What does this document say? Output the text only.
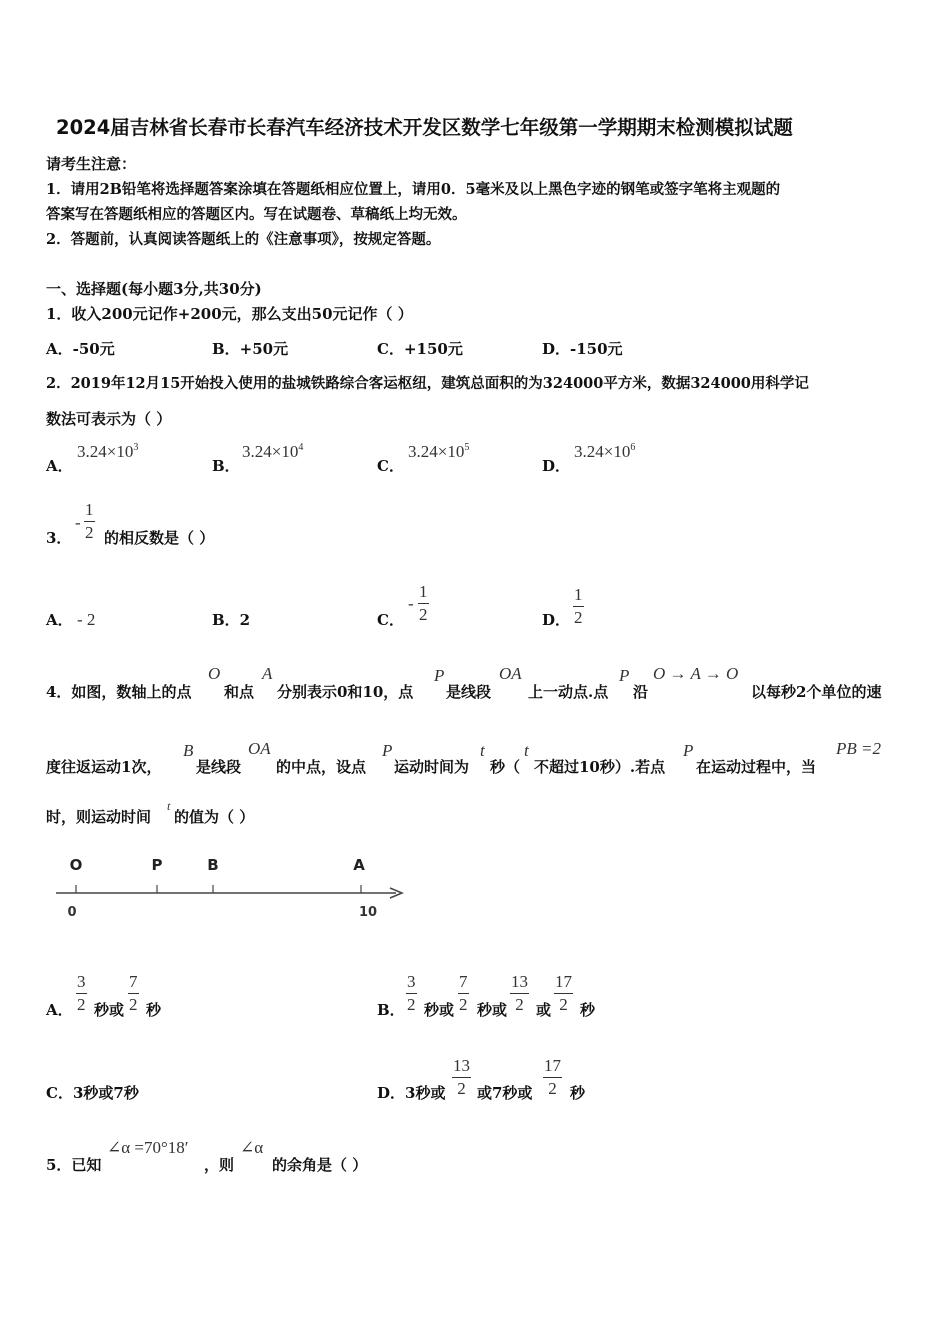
2024届吉林省长春市长春汽车经济技术开发区数学七年级第一学期期末检测模拟试题
请考生注意：
1．请用2B铅笔将选择题答案涂填在答题纸相应位置上，请用0．5毫米及以上黑色字迹的钢笔或签字笔将主观题的
答案写在答题纸相应的答题区内。写在试题卷、草稿纸上均无效。
2．答题前，认真阅读答题纸上的《注意事项》，按规定答题。
一、选择题(每小题3分,共30分)
1．收入200元记作+200元，那么支出50元记作（ ）
A．-50元	B．+50元	C．+150元	D．-150元
2．2019年12月15开始投入使用的盐城铁路综合客运枢纽，建筑总面积的为324000平方米，数据324000用科学记
数法可表示为（ ）
A．
$3.24\times 10^3$
B．
$3.24\times 10^4$
C．
$3.24\times 10^5$
D．
$3.24\times 10^6$
3．
-
1
2 的相反数是（ ）
A． - 2	B．2	C．
-
1
2	D．
1
2
4．如图，数轴上的点
O
和点
A
分别表示0和10，点
P
是线段
OA
上一动点.点
P
沿
O → A → O
以每秒2个单位的速
度往返运动1次，
B
是线段
OA
的中点，设点
P
运动时间为
t
秒（
t
不超过10秒）.若点
P
在运动过程中，当
PB =2
时，则运动时间
t
的值为（ ）
O	P	B	A
0	10
A．
3
2 秒或
7
2 秒	B．
3
2 秒或
7
2 秒或
13
2 或
17
2 秒
C．3秒或7秒	D．3秒或
13
2 或7秒或
17
2 秒
5．已知
∠α =70°18′
，则
∠α
的余角是（ ）
